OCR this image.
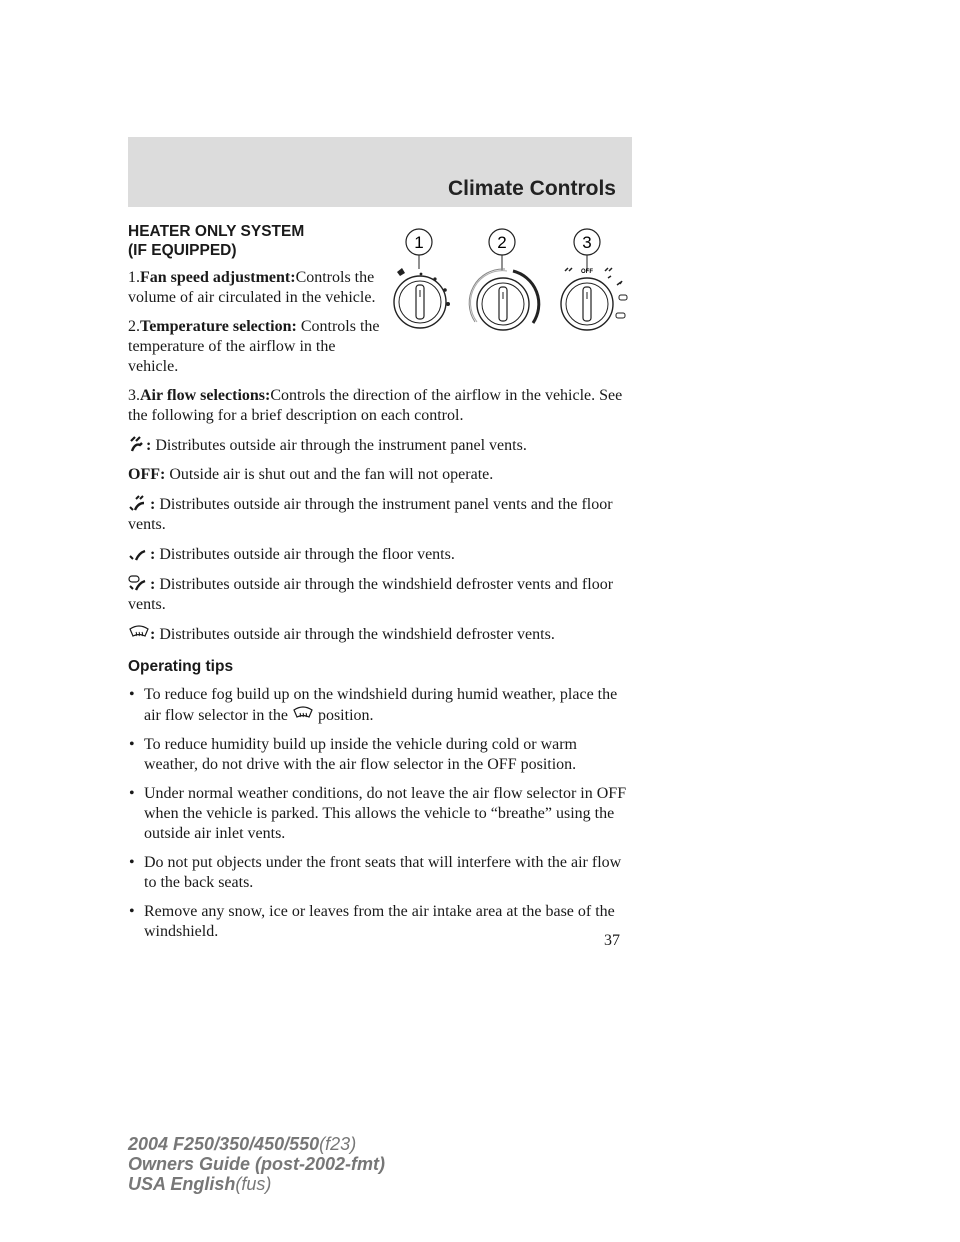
Climate Controls
1	2	3
OFF
HEATER ONLY SYSTEM
(IF EQUIPPED)

1.Fan speed adjustment:Controls the volume of air circulated in the vehicle.

2.Temperature selection: Controls the temperature of the airflow in the vehicle.

3.Air flow selections:Controls the direction of the airflow in the vehicle. See the following for a brief description on each control.

: Distributes outside air through the instrument panel vents.

OFF: Outside air is shut out and the fan will not operate.

: Distributes outside air through the instrument panel vents and the floor vents.

: Distributes outside air through the floor vents.

: Distributes outside air through the windshield defroster vents and floor vents.

: Distributes outside air through the windshield defroster vents.

Operating tips
• To reduce fog build up on the windshield during humid weather, place the air flow selector in the position.
• To reduce humidity build up inside the vehicle during cold or warm weather, do not drive with the air flow selector in the OFF position.
• Under normal weather conditions, do not leave the air flow selector in OFF when the vehicle is parked. This allows the vehicle to “breathe” using the outside air inlet vents.
• Do not put objects under the front seats that will interfere with the air flow to the back seats.
• Remove any snow, ice or leaves from the air intake area at the base of the windshield.
37
2004 F250/350/450/550(f23)
Owners Guide (post-2002-fmt)
USA English(fus)
